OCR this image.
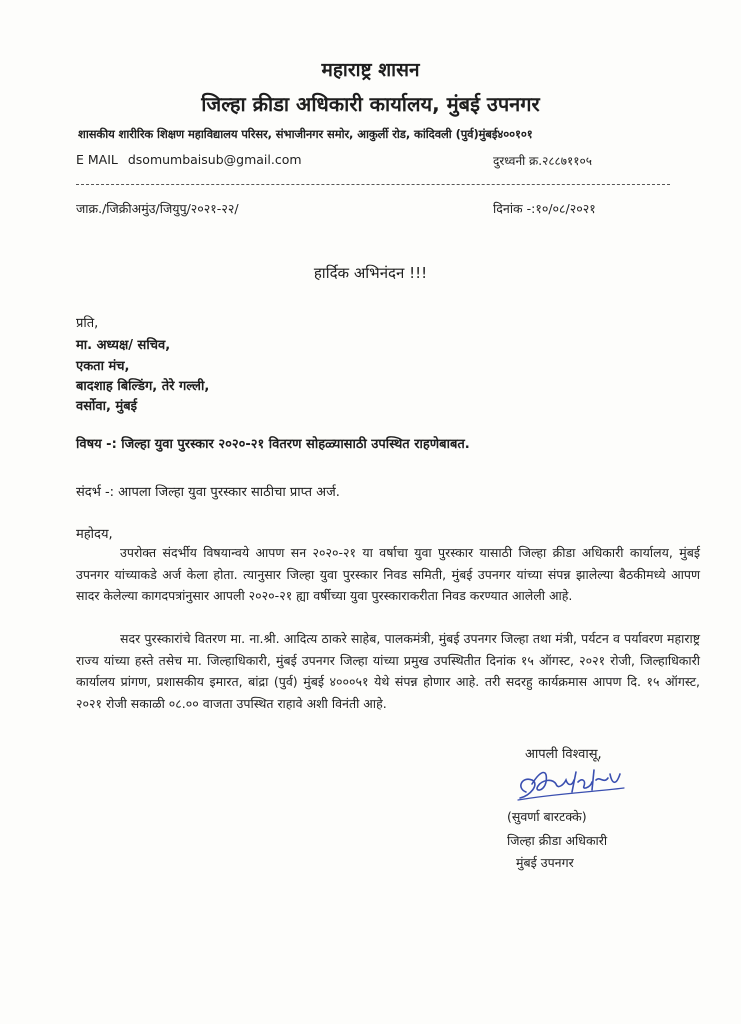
महाराष्ट्र शासन
जिल्हा क्रीडा अधिकारी कार्यालय, मुंबई उपनगर
शासकीय शारीरिक शिक्षण महाविद्यालय परिसर, संभाजीनगर समोर, आकुर्ली रोड, कांदिवली (पुर्व)मुंबई४००१०१
E MAIL dsomumbaisub@gmail.com	दुरध्वनी क्र.२८८७११०५
जाक्र./जिक्रीअमुंउ/जियुपु/२०२१-२२/	दिनांक -:१०/०८/२०२१
हार्दिक अभिनंदन !!!
प्रति,
मा. अध्यक्ष/ सचिव,
एकता मंच,
बादशाह बिल्डिंग, तेरे गल्ली,
वर्सोवा, मुंबई
विषय -: जिल्हा युवा पुरस्कार २०२०-२१ वितरण सोहळ्यासाठी उपस्थित राहणेबाबत.
संदर्भ -: आपला जिल्हा युवा पुरस्कार साठीचा प्राप्त अर्ज.
महोदय,
उपरोक्त संदर्भीय विषयान्वये आपण सन २०२०-२१ या वर्षाचा युवा पुरस्कार यासाठी जिल्हा क्रीडा अधिकारी कार्यालय, मुंबई उपनगर यांच्याकडे अर्ज केला होता. त्यानुसार जिल्हा युवा पुरस्कार निवड समिती, मुंबई उपनगर यांच्या संपन्न झालेल्या बैठकीमध्ये आपण सादर केलेल्या कागदपत्रांनुसार आपली २०२०-२१ ह्या वर्षीच्या युवा पुरस्काराकरीता निवड करण्यात आलेली आहे.
सदर पुरस्कारांचे वितरण मा. ना.श्री. आदित्य ठाकरे साहेब, पालकमंत्री, मुंबई उपनगर जिल्हा तथा मंत्री, पर्यटन व पर्यावरण महाराष्ट्र राज्य यांच्या हस्ते तसेच मा. जिल्हाधिकारी, मुंबई उपनगर जिल्हा यांच्या प्रमुख उपस्थितीत दिनांक १५ ऑगस्ट, २०२१ रोजी, जिल्हाधिकारी कार्यालय प्रांगण, प्रशासकीय इमारत, बांद्रा (पुर्व) मुंबई ४०००५१ येथे संपन्न होणार आहे. तरी सदरहु कार्यक्रमास आपण दि. १५ ऑगस्ट, २०२१ रोजी सकाळी ०८.०० वाजता उपस्थित राहावे अशी विनंती आहे.
आपली विश्वासू,
(सुवर्णा बारटक्के)
जिल्हा क्रीडा अधिकारी
मुंबई उपनगर
